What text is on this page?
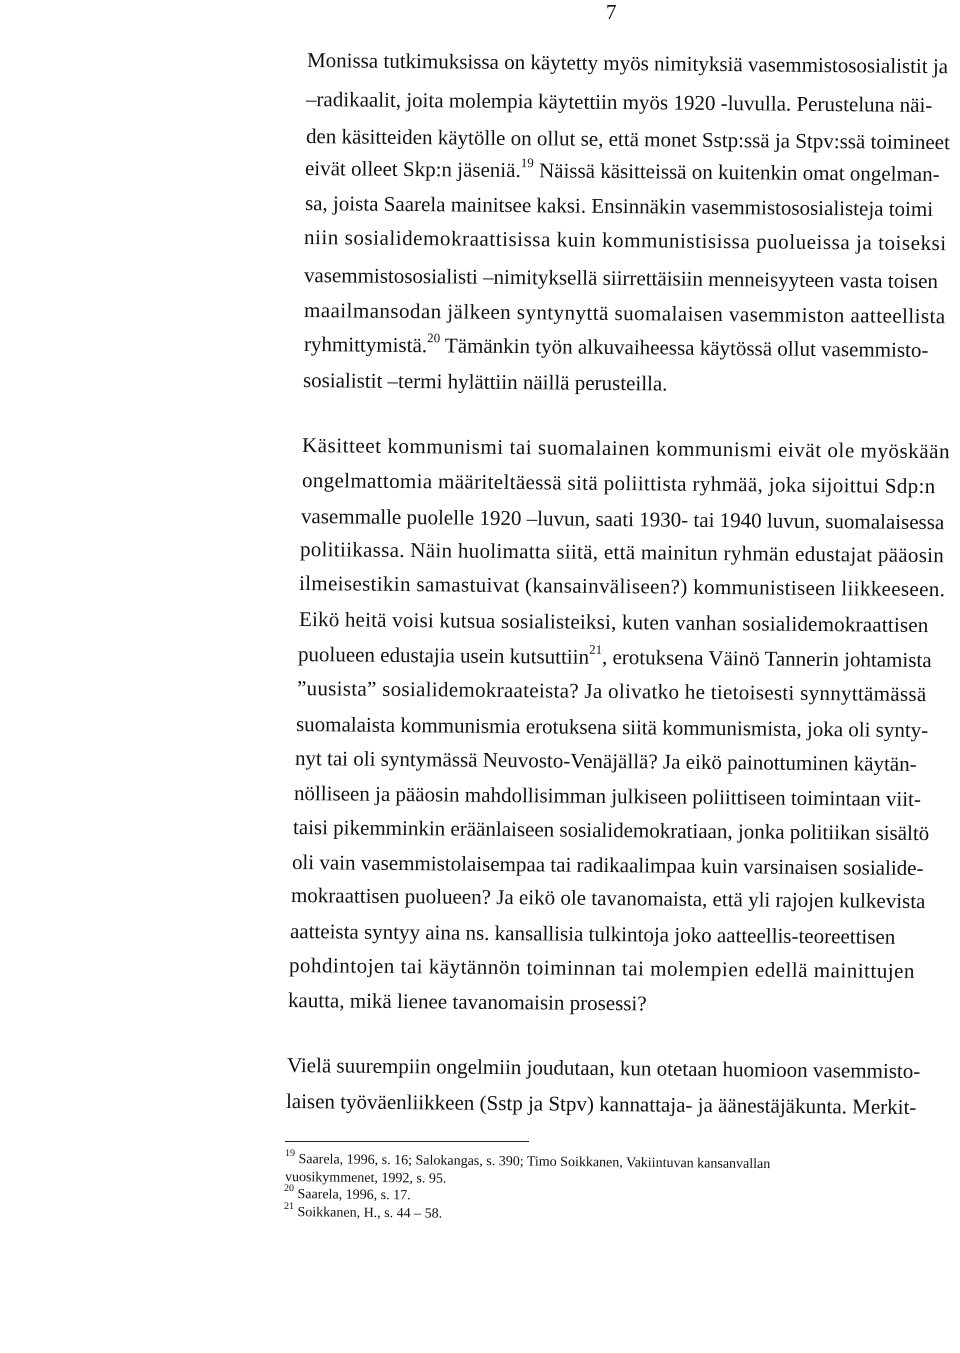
7
Monissa tutkimuksissa on käytetty myös nimityksiä vasemmistososialistit ja
–radikaalit, joita molempia käytettiin myös 1920 -luvulla. Perusteluna näi-
den käsitteiden käytölle on ollut se, että monet Sstp:ssä ja Stpv:ssä toimineet
eivät olleet Skp:n jäseniä.$^{19}$ Näissä käsitteissä on kuitenkin omat ongelman-
sa, joista Saarela mainitsee kaksi. Ensinnäkin vasemmistososialisteja toimi
niin sosialidemokraattisissa kuin kommunistisissa puolueissa ja toiseksi
vasemmistososialisti –nimityksellä siirrettäisiin menneisyyteen vasta toisen
maailmansodan jälkeen syntynyttä suomalaisen vasemmiston aatteellista
ryhmittymistä.$^{20}$ Tämänkin työn alkuvaiheessa käytössä ollut vasemmisto-
sosialistit –termi hylättiin näillä perusteilla.
Käsitteet kommunismi tai suomalainen kommunismi eivät ole myöskään
ongelmattomia määriteltäessä sitä poliittista ryhmää, joka sijoittui Sdp:n
vasemmalle puolelle 1920 –luvun, saati 1930- tai 1940 luvun, suomalaisessa
politiikassa. Näin huolimatta siitä, että mainitun ryhmän edustajat pääosin
ilmeisestikin samastuivat (kansainväliseen?) kommunistiseen liikkeeseen.
Eikö heitä voisi kutsua sosialisteiksi, kuten vanhan sosialidemokraattisen
puolueen edustajia usein kutsuttiin$^{21}$, erotuksena Väinö Tannerin johtamista
”uusista” sosialidemokraateista? Ja olivatko he tietoisesti synnyttämässä
suomalaista kommunismia erotuksena siitä kommunismista, joka oli synty-
nyt tai oli syntymässä Neuvosto-Venäjällä? Ja eikö painottuminen käytän-
nölliseen ja pääosin mahdollisimman julkiseen poliittiseen toimintaan viit-
taisi pikemminkin eräänlaiseen sosialidemokratiaan, jonka politiikan sisältö
oli vain vasemmistolaisempaa tai radikaalimpaa kuin varsinaisen sosialide-
mokraattisen puolueen? Ja eikö ole tavanomaista, että yli rajojen kulkevista
aatteista syntyy aina ns. kansallisia tulkintoja joko aatteellis-teoreettisen
pohdintojen tai käytännön toiminnan tai molempien edellä mainittujen
kautta, mikä lienee tavanomaisin prosessi?
Vielä suurempiin ongelmiin joudutaan, kun otetaan huomioon vasemmisto-
laisen työväenliikkeen (Sstp ja Stpv) kannattaja- ja äänestäjäkunta. Merkit-
$^{19}$ Saarela, 1996, s. 16; Salokangas, s. 390; Timo Soikkanen, Vakiintuvan kansanvallan
vuosikymmenet, 1992, s. 95.
$^{20}$ Saarela, 1996, s. 17.
$^{21}$ Soikkanen, H., s. 44 – 58.
